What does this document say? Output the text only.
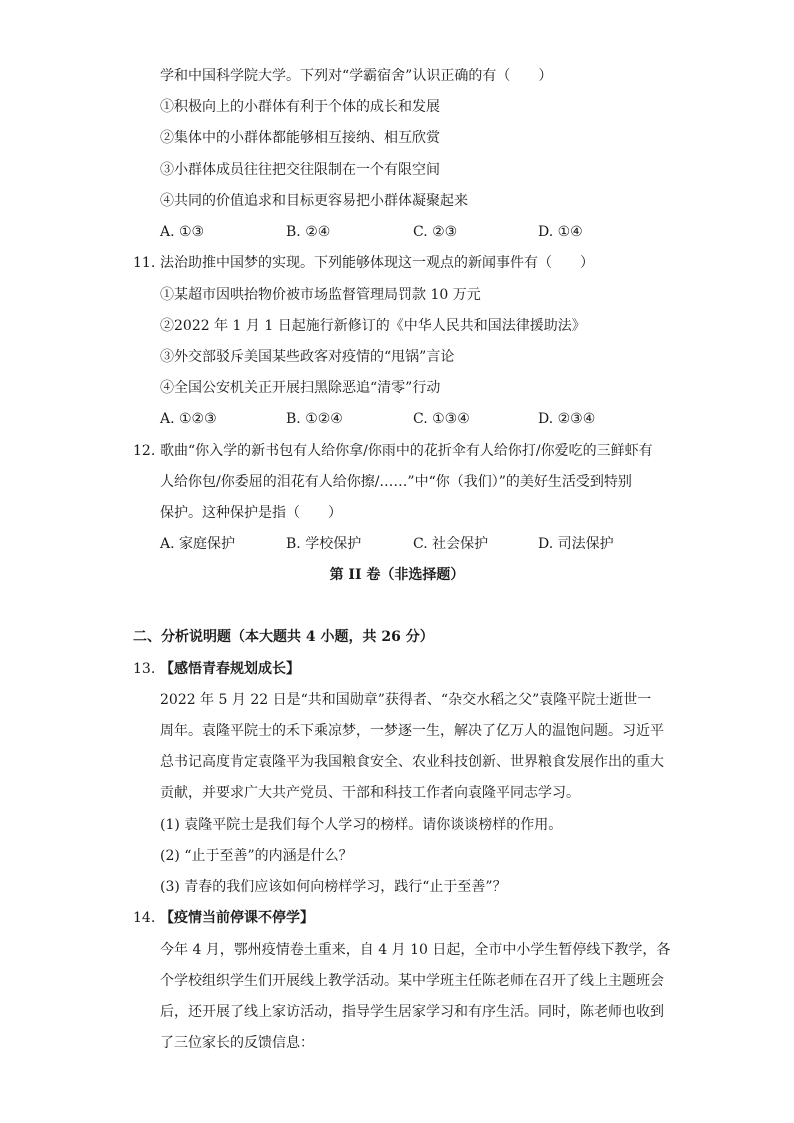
学和中国科学院大学。下列对“学霸宿舍”认识正确的有（　　）
①积极向上的小群体有利于个体的成长和发展
②集体中的小群体都能够相互接纳、相互欣赏
③小群体成员往往把交往限制在一个有限空间
④共同的价值追求和目标更容易把小群体凝聚起来
A. ①③	B. ②④	C. ②③	D. ①④
11. 法治助推中国梦的实现。下列能够体现这一观点的新闻事件有（　　）
①某超市因哄抬物价被市场监督管理局罚款 10 万元
②2022 年 1 月 1 日起施行新修订的《中华人民共和国法律援助法》
③外交部驳斥美国某些政客对疫情的“甩锅”言论
④全国公安机关正开展扫黑除恶追“清零”行动
A. ①②③	B. ①②④	C. ①③④	D. ②③④
12. 歌曲“你入学的新书包有人给你拿/你雨中的花折伞有人给你打/你爱吃的三鲜虾有
人给你包/你委屈的泪花有人给你擦/……”中“你（我们）”的美好生活受到特别
保护。这种保护是指（　　）
A. 家庭保护	B. 学校保护	C. 社会保护	D. 司法保护
第 II 卷（非选择题）
二、分析说明题（本大题共 4 小题，共 26 分）
13. 【感悟青春规划成长】
2022 年 5 月 22 日是“共和国勋章”获得者、“杂交水稻之父”袁隆平院士逝世一
周年。袁隆平院士的禾下乘凉梦，一梦逐一生，解决了亿万人的温饱问题。习近平
总书记高度肯定袁隆平为我国粮食安全、农业科技创新、世界粮食发展作出的重大
贡献，并要求广大共产党员、干部和科技工作者向袁隆平同志学习。
(1) 袁隆平院士是我们每个人学习的榜样。请你谈谈榜样的作用。
(2) “止于至善”的内涵是什么？
(3) 青春的我们应该如何向榜样学习，践行“止于至善”？
14. 【疫情当前停课不停学】
今年 4 月，鄂州疫情卷土重来，自 4 月 10 日起，全市中小学生暂停线下教学，各
个学校组织学生们开展线上教学活动。某中学班主任陈老师在召开了线上主题班会
后，还开展了线上家访活动，指导学生居家学习和有序生活。同时，陈老师也收到
了三位家长的反馈信息：
